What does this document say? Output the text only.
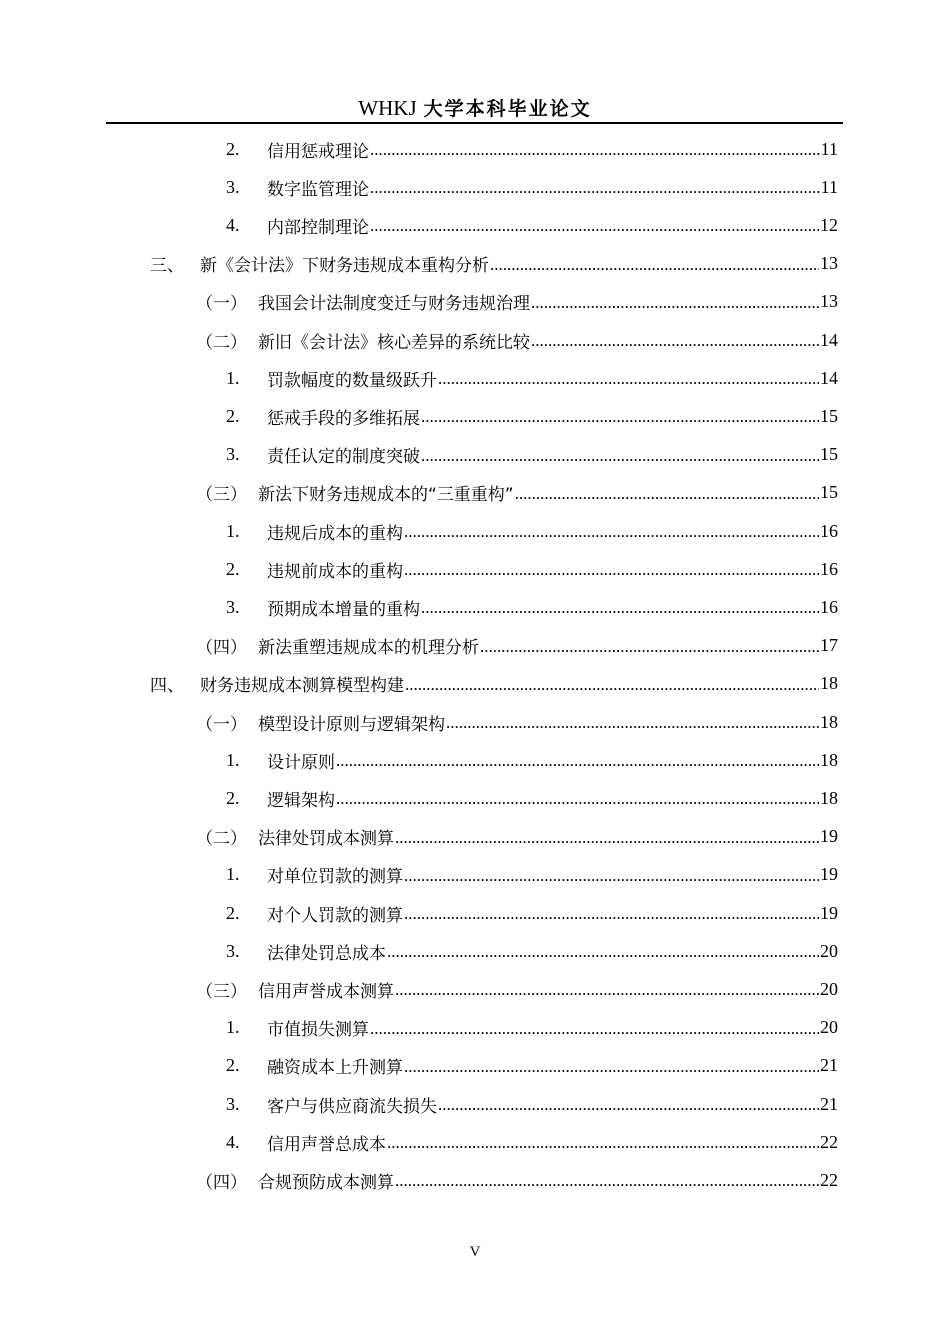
WHKJ 大学本科毕业论文
2.	信用惩戒理论 .....	11
3.	数字监管理论 .....	11
4.	内部控制理论 .....	12
三、 新《会计法》下财务违规成本重构分析 .....	13
（一） 我国会计法制度变迁与财务违规治理 .....	13
（二） 新旧《会计法》核心差异的系统比较 .....	14
1.	罚款幅度的数量级跃升 .....	14
2.	惩戒手段的多维拓展 .....	15
3.	责任认定的制度突破 .....	15
（三） 新法下财务违规成本的“三重重构” .....	15
1.	违规后成本的重构 .....	16
2.	违规前成本的重构 .....	16
3.	预期成本增量的重构 .....	16
（四） 新法重塑违规成本的机理分析 .....	17
四、 财务违规成本测算模型构建 .....	18
（一） 模型设计原则与逻辑架构 .....	18
1.	设计原则 .....	18
2.	逻辑架构 .....	18
（二） 法律处罚成本测算 .....	19
1.	对单位罚款的测算 .....	19
2.	对个人罚款的测算 .....	19
3.	法律处罚总成本 .....	20
（三） 信用声誉成本测算 .....	20
1.	市值损失测算 .....	20
2.	融资成本上升测算 .....	21
3.	客户与供应商流失损失 .....	21
4.	信用声誉总成本 .....	22
（四） 合规预防成本测算 .....	22
V
